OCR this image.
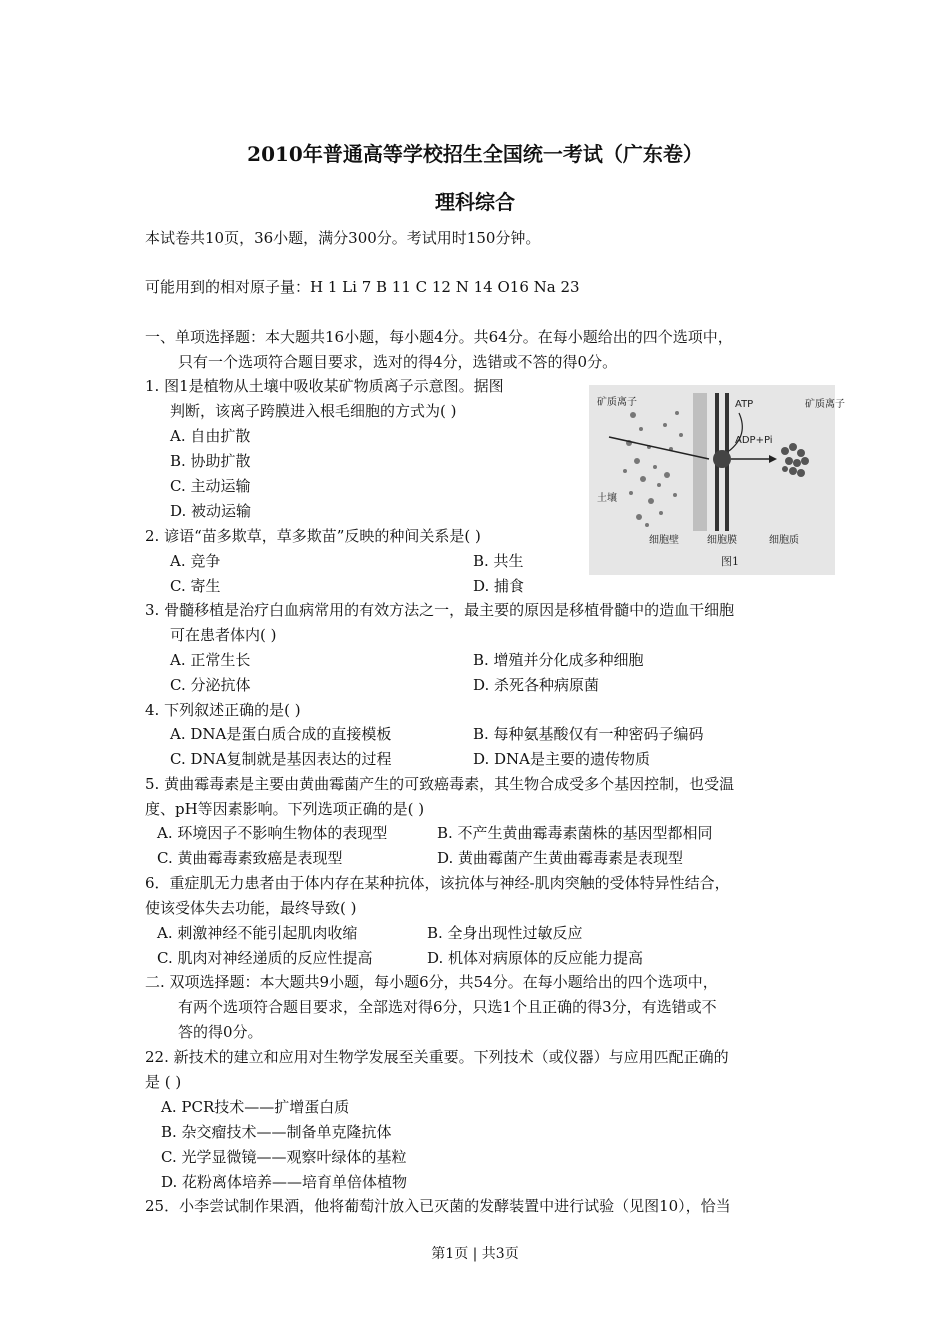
2010年普通高等学校招生全国统一考试（广东卷）
理科综合
本试卷共10页，36小题，满分300分。考试用时150分钟。
可能用到的相对原子量：H 1 Li 7 B 11 C 12 N 14 O16 Na 23
一、单项选择题：本大题共16小题，每小题4分。共64分。在每小题给出的四个选项中，
只有一个选项符合题目要求，选对的得4分，选错或不答的得0分。
1. 图1是植物从土壤中吸收某矿物质离子示意图。据图
判断，该离子跨膜进入根毛细胞的方式为( )
A. 自由扩散
B. 协助扩散
C. 主动运输
D. 被动运输
2. 谚语“苗多欺草，草多欺苗”反映的种间关系是( )
A. 竞争	B. 共生
C. 寄生	D. 捕食
3. 骨髓移植是治疗白血病常用的有效方法之一，最主要的原因是移植骨髓中的造血干细胞
可在患者体内( )
A. 正常生长	B. 增殖并分化成多种细胞
C. 分泌抗体	D. 杀死各种病原菌
4. 下列叙述正确的是( )
A. DNA是蛋白质合成的直接模板	B. 每种氨基酸仅有一种密码子编码
C. DNA复制就是基因表达的过程	D. DNA是主要的遗传物质
5. 黄曲霉毒素是主要由黄曲霉菌产生的可致癌毒素，其生物合成受多个基因控制，也受温
度、pH等因素影响。下列选项正确的是( )
A. 环境因子不影响生物体的表现型	B. 不产生黄曲霉毒素菌株的基因型都相同
C. 黄曲霉毒素致癌是表现型	D. 黄曲霉菌产生黄曲霉毒素是表现型
6．重症肌无力患者由于体内存在某种抗体，该抗体与神经-肌肉突触的受体特异性结合，
使该受体失去功能，最终导致( )
A. 刺激神经不能引起肌肉收缩	B. 全身出现性过敏反应
C. 肌肉对神经递质的反应性提高	D. 机体对病原体的反应能力提高
二. 双项选择题：本大题共9小题，每小题6分，共54分。在每小题给出的四个选项中，
有两个选项符合题目要求，全部选对得6分，只选1个且正确的得3分，有选错或不
答的得0分。
22. 新技术的建立和应用对生物学发展至关重要。下列技术（或仪器）与应用匹配正确的
是 ( )
A. PCR技术——扩增蛋白质
B. 杂交瘤技术——制备单克隆抗体
C. 光学显微镜——观察叶绿体的基粒
D. 花粉离体培养——培育单倍体植物
25．小李尝试制作果酒，他将葡萄汁放入已灭菌的发酵装置中进行试验（见图10），恰当
矿质离子	矿质离子
土壤
ATP
ADP+Pi
细胞壁	细胞膜	细胞质
图1
第1页 | 共3页
